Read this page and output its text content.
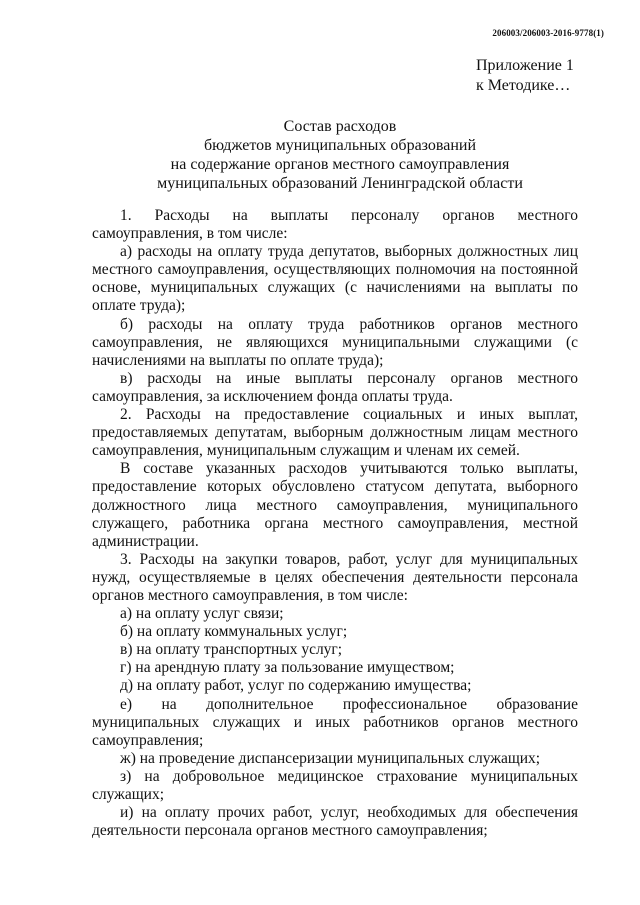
206003/206003-2016-9778(1)
Приложение 1
к Методике…
Состав расходов
бюджетов муниципальных образований
на содержание органов местного самоуправления
муниципальных образований Ленинградской области

1. Расходы на выплаты персоналу органов местного самоуправления, в том числе:

а) расходы на оплату труда депутатов, выборных должностных лиц местного самоуправления, осуществляющих полномочия на постоянной основе, муниципальных служащих (с начислениями на выплаты по оплате труда);

б) расходы на оплату труда работников органов местного самоуправления, не являющихся муниципальными служащими (с начислениями на выплаты по оплате труда);

в) расходы на иные выплаты персоналу органов местного самоуправления, за исключением фонда оплаты труда.

2. Расходы на предоставление социальных и иных выплат, предоставляемых депутатам, выборным должностным лицам местного самоуправления, муниципальным служащим и членам их семей.

В составе указанных расходов учитываются только выплаты, предоставление которых обусловлено статусом депутата, выборного должностного лица местного самоуправления, муниципального служащего, работника органа местного самоуправления, местной администрации.

3. Расходы на закупки товаров, работ, услуг для муниципальных нужд, осуществляемые в целях обеспечения деятельности персонала органов местного самоуправления, в том числе:

а) на оплату услуг связи;

б) на оплату коммунальных услуг;

в) на оплату транспортных услуг;

г) на арендную плату за пользование имуществом;

д) на оплату работ, услуг по содержанию имущества;

е) на дополнительное профессиональное образование муниципальных служащих и иных работников органов местного самоуправления;

ж) на проведение диспансеризации муниципальных служащих;

з) на добровольное медицинское страхование муниципальных служащих;

и) на оплату прочих работ, услуг, необходимых для обеспечения деятельности персонала органов местного самоуправления;
